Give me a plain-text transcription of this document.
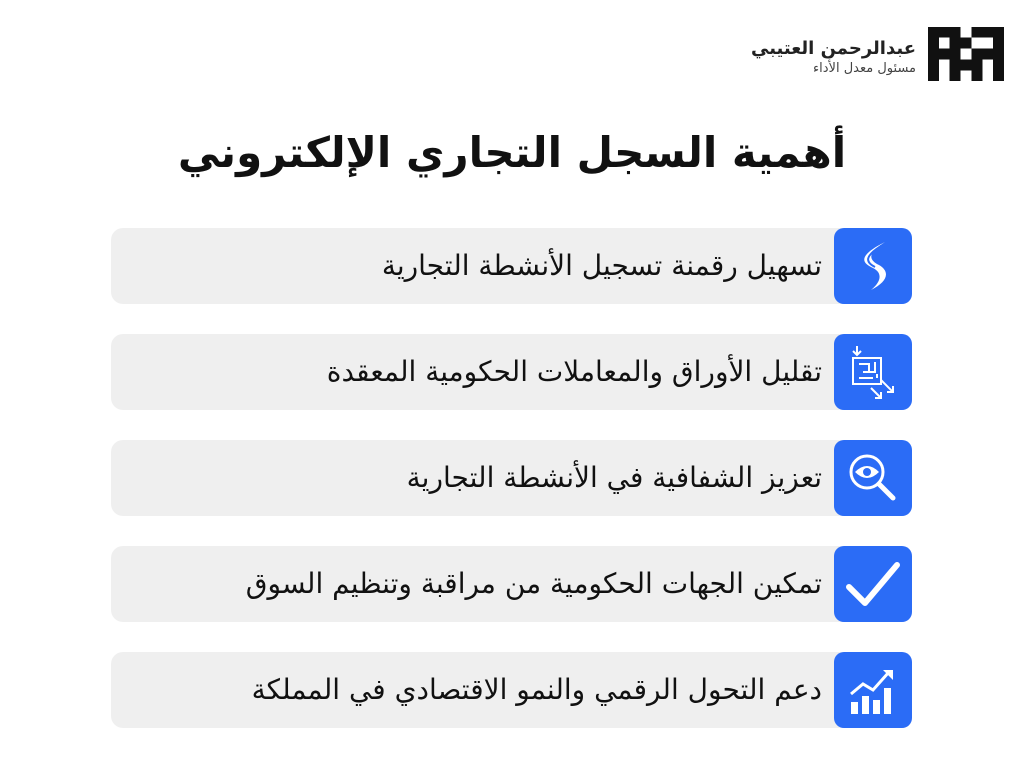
عبدالرحمن العتيبي
مسئول معدل الأداء
أهمية السجل التجاري الإلكتروني
تسهيل رقمنة تسجيل الأنشطة التجارية
تقليل الأوراق والمعاملات الحكومية المعقدة
تعزيز الشفافية في الأنشطة التجارية
تمكين الجهات الحكومية من مراقبة وتنظيم السوق
دعم التحول الرقمي والنمو الاقتصادي في المملكة
